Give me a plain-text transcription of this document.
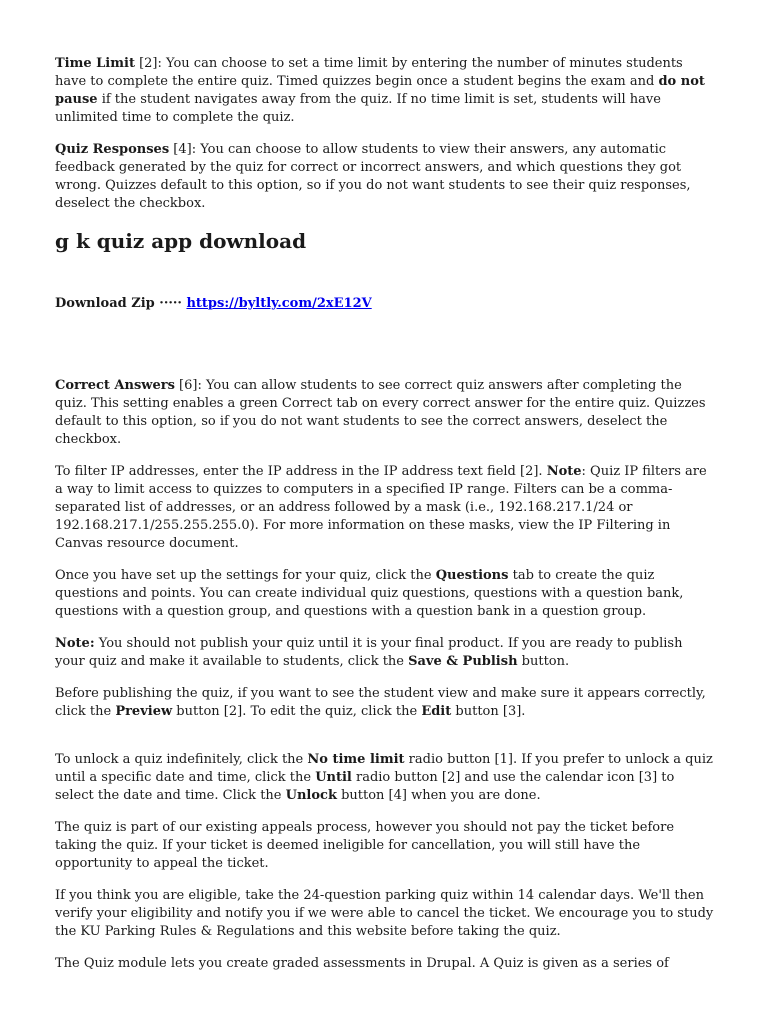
Time Limit [2]: You can choose to set a time limit by entering the number of minutes students have to complete the entire quiz. Timed quizzes begin once a student begins the exam and do not pause if the student navigates away from the quiz. If no time limit is set, students will have unlimited time to complete the quiz.

Quiz Responses [4]: You can choose to allow students to view their answers, any automatic feedback generated by the quiz for correct or incorrect answers, and which questions they got wrong. Quizzes default to this option, so if you do not want students to see their quiz responses, deselect the checkbox.

g k quiz app download
Download Zip ····· https://byltly.com/2xE12V

Correct Answers [6]: You can allow students to see correct quiz answers after completing the quiz. This setting enables a green Correct tab on every correct answer for the entire quiz. Quizzes default to this option, so if you do not want students to see the correct answers, deselect the checkbox.

To filter IP addresses, enter the IP address in the IP address text field [2]. Note: Quiz IP filters are a way to limit access to quizzes to computers in a specified IP range. Filters can be a comma-separated list of addresses, or an address followed by a mask (i.e., 192.168.217.1/24 or 192.168.217.1/255.255.255.0). For more information on these masks, view the IP Filtering in Canvas resource document.

Once you have set up the settings for your quiz, click the Questions tab to create the quiz questions and points. You can create individual quiz questions, questions with a question bank, questions with a question group, and questions with a question bank in a question group.

Note: You should not publish your quiz until it is your final product. If you are ready to publish your quiz and make it available to students, click the Save & Publish button.

Before publishing the quiz, if you want to see the student view and make sure it appears correctly, click the Preview button [2]. To edit the quiz, click the Edit button [3].

To unlock a quiz indefinitely, click the No time limit radio button [1]. If you prefer to unlock a quiz until a specific date and time, click the Until radio button [2] and use the calendar icon [3] to select the date and time. Click the Unlock button [4] when you are done.

The quiz is part of our existing appeals process, however you should not pay the ticket before taking the quiz. If your ticket is deemed ineligible for cancellation, you will still have the opportunity to appeal the ticket.

If you think you are eligible, take the 24-question parking quiz within 14 calendar days. We'll then verify your eligibility and notify you if we were able to cancel the ticket. We encourage you to study the KU Parking Rules & Regulations and this website before taking the quiz.

The Quiz module lets you create graded assessments in Drupal. A Quiz is given as a series of
